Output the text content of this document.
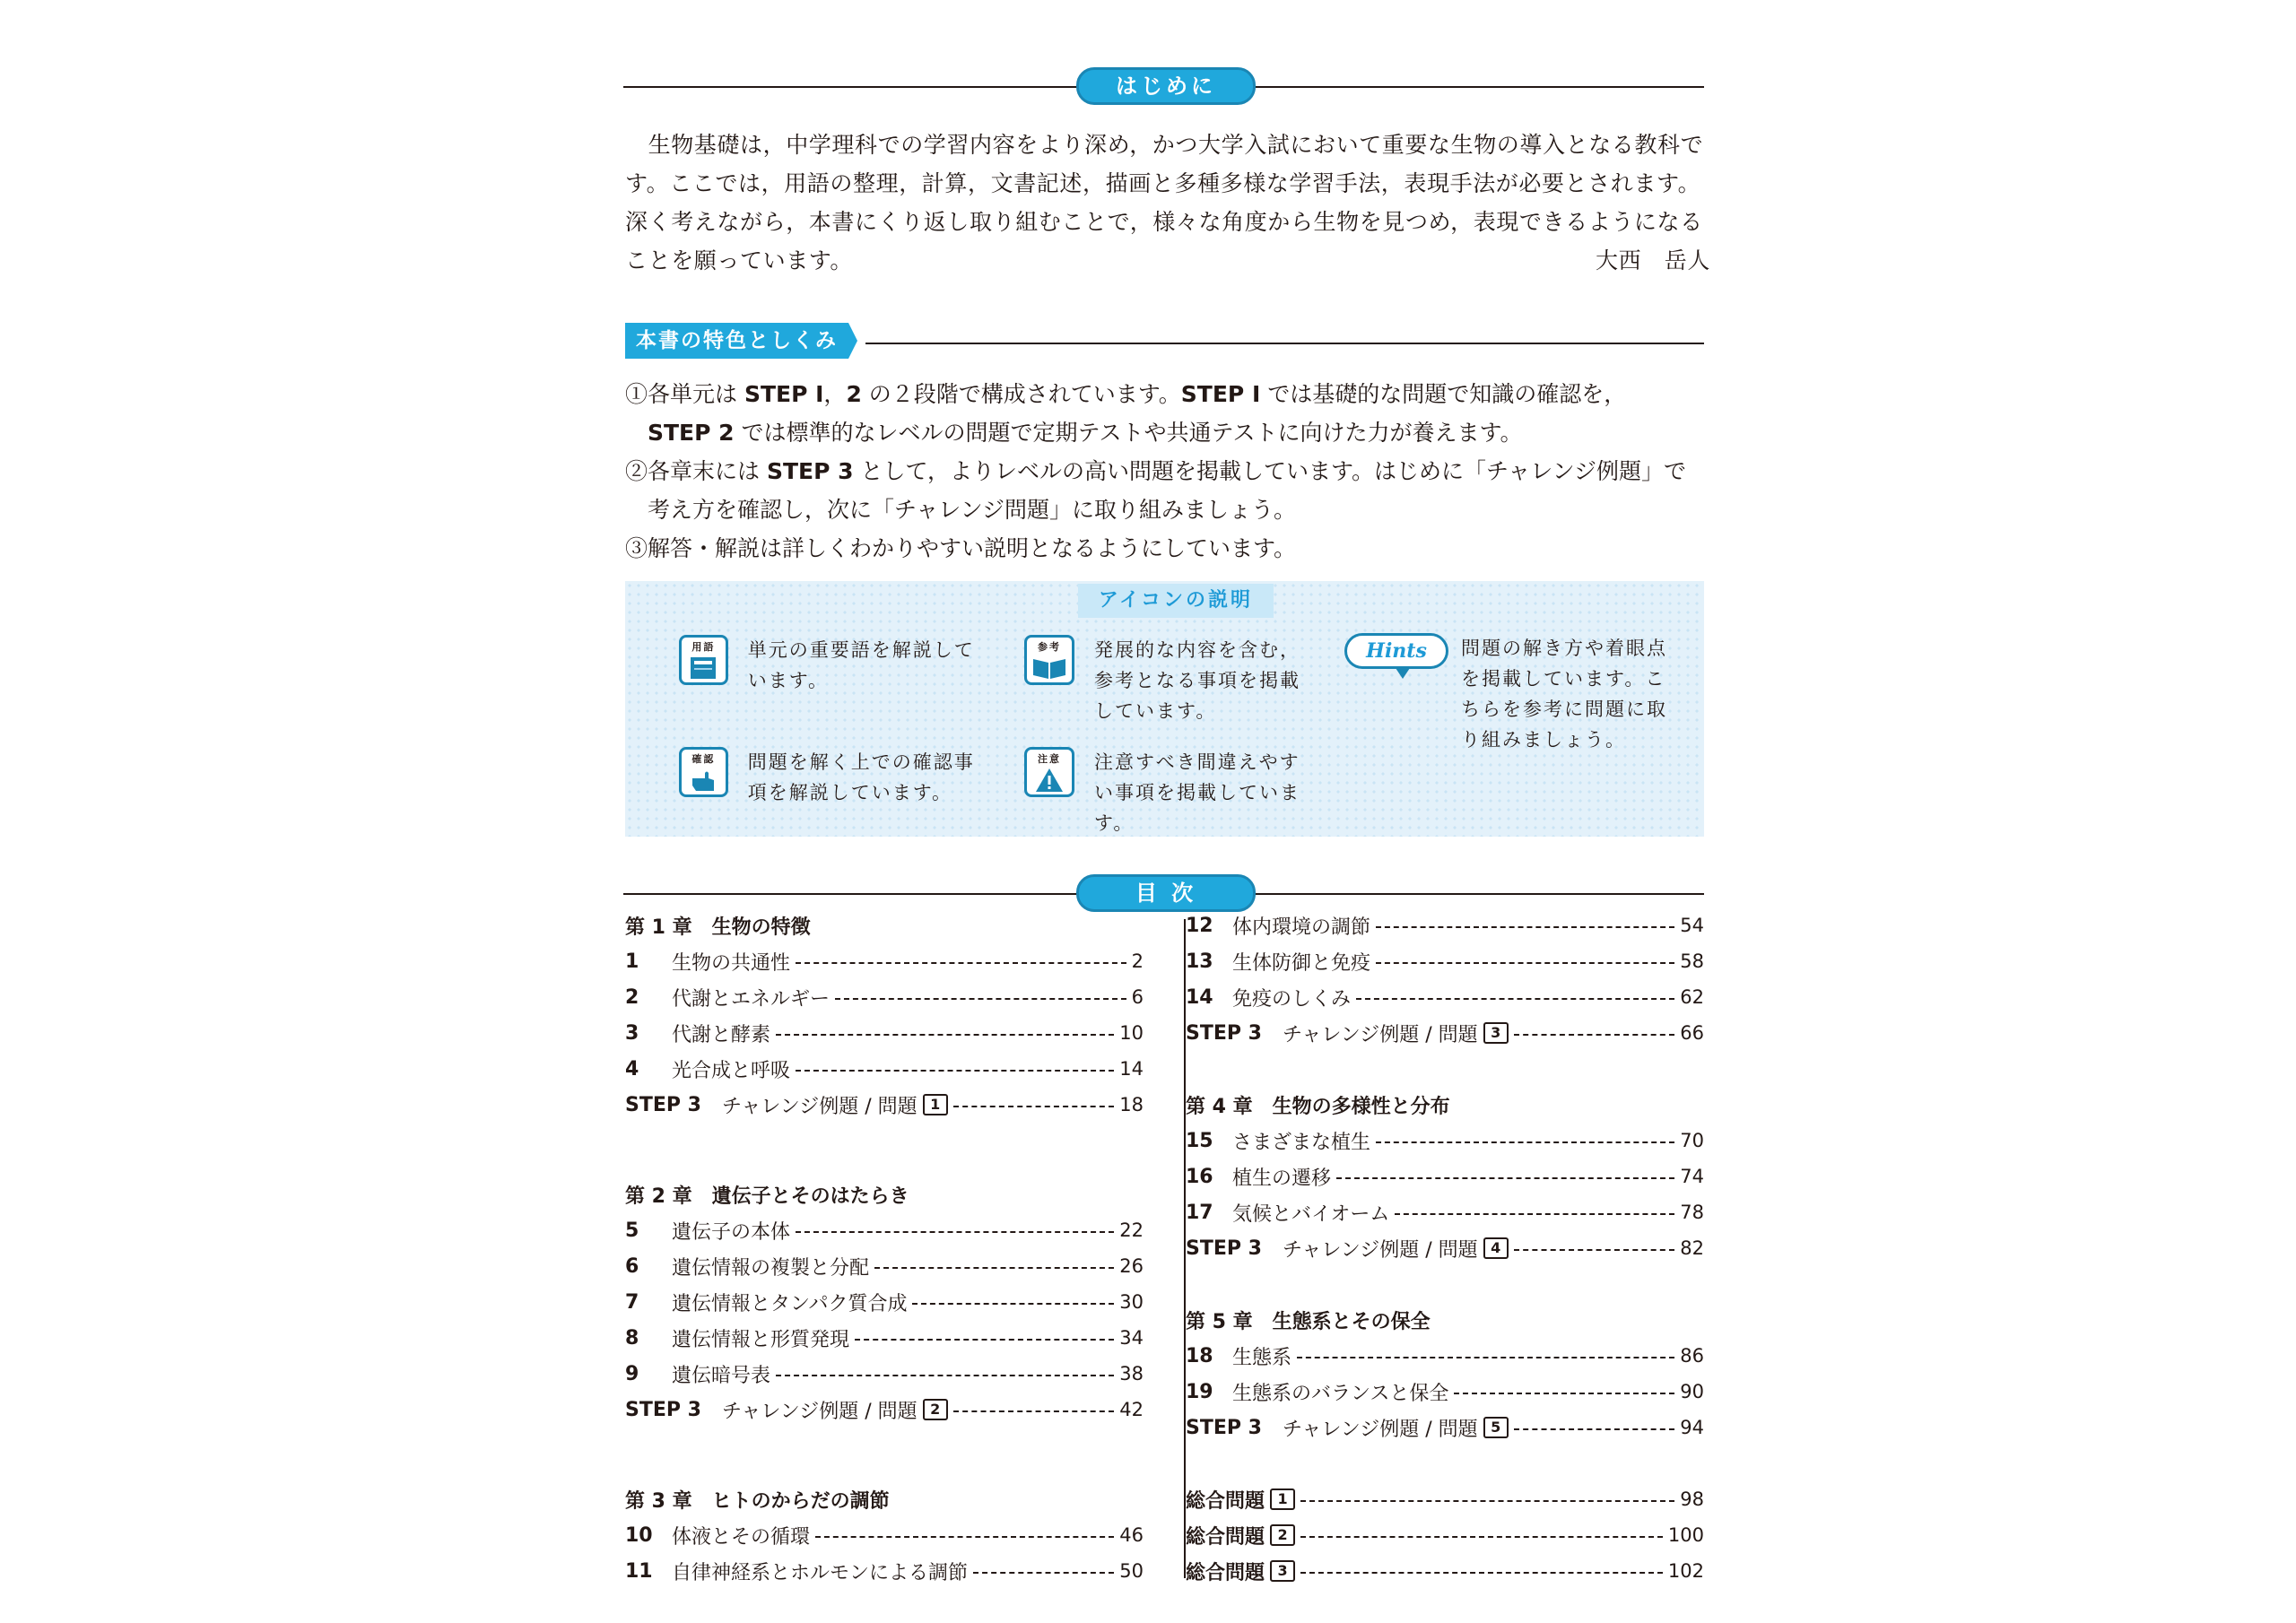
はじめに

　生物基礎は，中学理科での学習内容をより深め，かつ大学入試において重要な生物の導入となる教科です。ここでは，用語の整理，計算，文書記述，描画と多種多様な学習手法，表現手法が必要とされます。深く考えながら，本書にくり返し取り組むことで，様々な角度から生物を見つめ，表現できるようになることを願っています。	大西　岳人
本書の特色としくみ
①各単元は STEP Ⅰ，2 の２段階で構成されています。STEP Ⅰ では基礎的な問題で知識の確認を，
STEP 2 では標準的なレベルの問題で定期テストや共通テストに向けた力が養えます。
②各章末には STEP 3 として，よりレベルの高い問題を掲載しています。はじめに「チャレンジ例題」で
考え方を確認し，次に「チャレンジ問題」に取り組みましょう。
③解答・解説は詳しくわかりやすい説明となるようにしています。
アイコンの説明
用語 単元の重要語を解説しています。
参考 発展的な内容を含む，参考となる事項を掲載しています。
Hints	問題の解き方や着眼点を掲載しています。こちらを参考に問題に取り組みましょう。
確認 問題を解く上での確認事項を解説しています。
注意 注意すべき間違えやすい事項を掲載しています。
目 次
第 1 章　生物の特徴
1	生物の共通性	2
2	代謝とエネルギー	6
3	代謝と酵素	10
4	光合成と呼吸	14
STEP 3	チャレンジ例題 / 問題 1	18
第 2 章　遺伝子とそのはたらき
5	遺伝子の本体	22
6	遺伝情報の複製と分配	26
7	遺伝情報とタンパク質合成	30
8	遺伝情報と形質発現	34
9	遺伝暗号表	38
STEP 3	チャレンジ例題 / 問題 2	42
第 3 章　ヒトのからだの調節
10 体液とその循環	46
11 自律神経系とホルモンによる調節	50
12 体内環境の調節	54
13 生体防御と免疫	58
14 免疫のしくみ	62
STEP 3	チャレンジ例題 / 問題 3	66
第 4 章　生物の多様性と分布
15 さまざまな植生	70
16 植生の遷移	74
17 気候とバイオーム	78
STEP 3	チャレンジ例題 / 問題 4	82
第 5 章　生態系とその保全
18 生態系	86
19 生態系のバランスと保全	90
STEP 3	チャレンジ例題 / 問題 5	94
総合問題 1	98
総合問題 2	100
総合問題 3	102
